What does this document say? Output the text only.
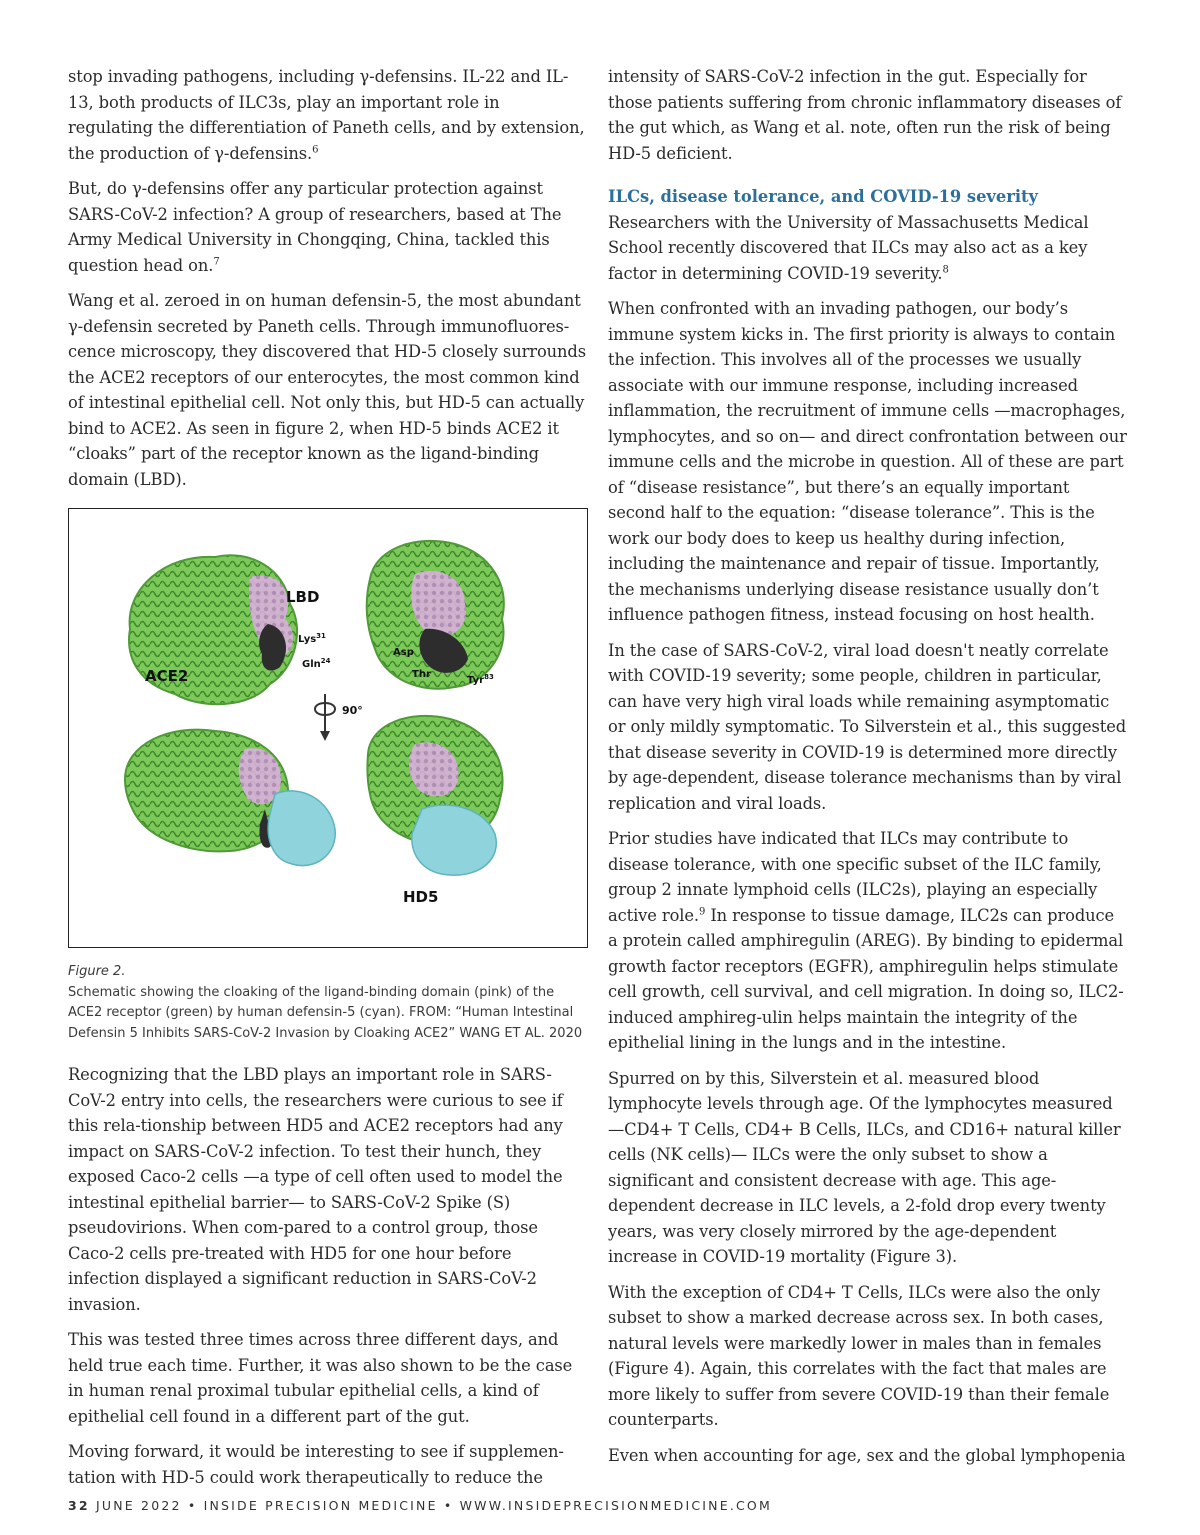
stop invading pathogens, including γ-defensins. IL-22 and IL-13, both products of ILC3s, play an important role in regulating the differentiation of Paneth cells, and by extension, the production of γ-defensins.$^6$

But, do γ-defensins offer any particular protection against SARS-CoV-2 infection? A group of researchers, based at The Army Medical University in Chongqing, China, tackled this question head on.$^7$

Wang et al. zeroed in on human defensin-5, the most abundant γ-defensin secreted by Paneth cells. Through immunofluores-cence microscopy, they discovered that HD-5 closely surrounds the ACE2 receptors of our enterocytes, the most common kind of intestinal epithelial cell. Not only this, but HD-5 can actually bind to ACE2. As seen in figure 2, when HD-5 binds ACE2 it “cloaks” part of the receptor known as the ligand-binding domain (LBD).

LBD
Lys$^{31}$
Gln$^{24}$
ACE2
Asp
Thr
Tyr$^{83}$
90°
HD5
Figure 2.
Schematic showing the cloaking of the ligand-binding domain (pink) of the ACE2 receptor (green) by human defensin-5 (cyan). FROM: “Human Intestinal Defensin 5 Inhibits SARS-CoV-2 Invasion by Cloaking ACE2” WANG ET AL. 2020

Recognizing that the LBD plays an important role in SARS-CoV-2 entry into cells, the researchers were curious to see if this rela-tionship between HD5 and ACE2 receptors had any impact on SARS-CoV-2 infection. To test their hunch, they exposed Caco-2 cells —a type of cell often used to model the intestinal epithelial barrier— to SARS-CoV-2 Spike (S) pseudovirions. When com-pared to a control group, those Caco-2 cells pre-treated with HD5 for one hour before infection displayed a significant reduction in SARS-CoV-2 invasion.

This was tested three times across three different days, and held true each time. Further, it was also shown to be the case in human renal proximal tubular epithelial cells, a kind of epithelial cell found in a different part of the gut.

Moving forward, it would be interesting to see if supplemen-tation with HD-5 could work therapeutically to reduce the

intensity of SARS-CoV-2 infection in the gut. Especially for those patients suffering from chronic inflammatory diseases of the gut which, as Wang et al. note, often run the risk of being HD-5 deficient.

ILCs, disease tolerance, and COVID-19 severity

Researchers with the University of Massachusetts Medical School recently discovered that ILCs may also act as a key factor in determining COVID-19 severity.$^8$

When confronted with an invading pathogen, our body’s immune system kicks in. The first priority is always to contain the infection. This involves all of the processes we usually associate with our immune response, including increased inflammation, the recruitment of immune cells —macrophages, lymphocytes, and so on— and direct confrontation between our immune cells and the microbe in question. All of these are part of “disease resistance”, but there’s an equally important second half to the equation: “disease tolerance”. This is the work our body does to keep us healthy during infection, including the maintenance and repair of tissue. Importantly, the mechanisms underlying disease resistance usually don’t influence pathogen fitness, instead focusing on host health.

In the case of SARS-CoV-2, viral load doesn't neatly correlate with COVID-19 severity; some people, children in particular, can have very high viral loads while remaining asymptomatic or only mildly symptomatic. To Silverstein et al., this suggested that disease severity in COVID-19 is determined more directly by age-dependent, disease tolerance mechanisms than by viral replication and viral loads.

Prior studies have indicated that ILCs may contribute to disease tolerance, with one specific subset of the ILC family, group 2 innate lymphoid cells (ILC2s), playing an especially active role.$^9$ In response to tissue damage, ILC2s can produce a protein called amphiregulin (AREG). By binding to epidermal growth factor receptors (EGFR), amphiregulin helps stimulate cell growth, cell survival, and cell migration. In doing so, ILC2-induced amphireg-ulin helps maintain the integrity of the epithelial lining in the lungs and in the intestine.

Spurred on by this, Silverstein et al. measured blood lymphocyte levels through age. Of the lymphocytes measured —CD4+ T Cells, CD4+ B Cells, ILCs, and CD16+ natural killer cells (NK cells)— ILCs were the only subset to show a significant and consistent decrease with age. This age-dependent decrease in ILC levels, a 2-fold drop every twenty years, was very closely mirrored by the age-dependent increase in COVID-19 mortality (Figure 3).

With the exception of CD4+ T Cells, ILCs were also the only subset to show a marked decrease across sex. In both cases, natural levels were markedly lower in males than in females (Figure 4). Again, this correlates with the fact that males are more likely to suffer from severe COVID-19 than their female counterparts.

Even when accounting for age, sex and the global lymphopenia

32 JUNE 2022 • INSIDE PRECISION MEDICINE • WWW.INSIDEPRECISIONMEDICINE.COM
